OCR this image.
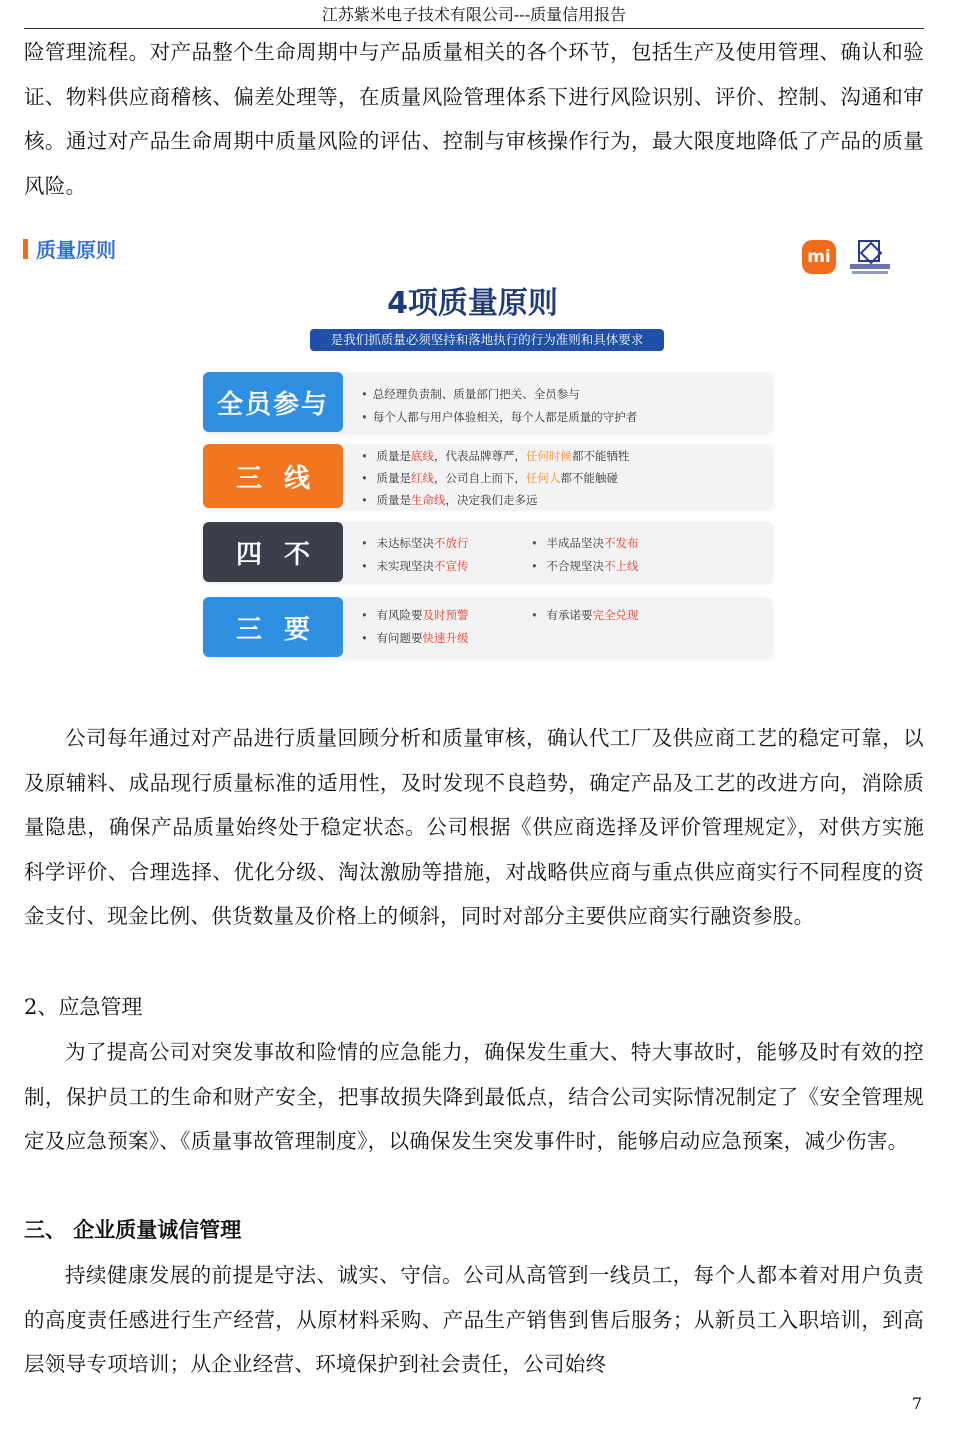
江苏紫米电子技术有限公司---质量信用报告

险管理流程。对产品整个生命周期中与产品质量相关的各个环节，包括生产及使用管理、确认和验证、物料供应商稽核、偏差处理等，在质量风险管理体系下进行风险识别、评价、控制、沟通和审核。通过对产品生命周期中质量风险的评估、控制与审核操作行为，最大限度地降低了产品的质量风险。

质量原则	mi
4项质量原则
是我们抓质量必须坚持和落地执行的行为准则和具体要求
全员参与	• 总经理负责制、质量部门把关、全员参与
• 每个人都与用户体验相关，每个人都是质量的守护者
三线
• 质量是底线，代表品牌尊严，任何时候都不能牺牲
• 质量是红线，公司自上而下，任何人都不能触碰
• 质量是生命线，决定我们走多远
四不	• 未达标坚决不放行
• 未实现坚决不宣传
• 半成品坚决不发布
• 不合规坚决不上线
三要	• 有风险要及时预警
• 有问题要快速升级
• 有承诺要完全兑现

公司每年通过对产品进行质量回顾分析和质量审核，确认代工厂及供应商工艺的稳定可靠，以及原辅料、成品现行质量标准的适用性，及时发现不良趋势，确定产品及工艺的改进方向，消除质量隐患，确保产品质量始终处于稳定状态。公司根据《供应商选择及评价管理规定》，对供方实施科学评价、合理选择、优化分级、淘汰激励等措施，对战略供应商与重点供应商实行不同程度的资金支付、现金比例、供货数量及价格上的倾斜，同时对部分主要供应商实行融资参股。

2、应急管理

为了提高公司对突发事故和险情的应急能力，确保发生重大、特大事故时，能够及时有效的控制，保护员工的生命和财产安全，把事故损失降到最低点，结合公司实际情况制定了《安全管理规定及应急预案》、《质量事故管理制度》，以确保发生突发事件时，能够启动应急预案，减少伤害。

三、 企业质量诚信管理

持续健康发展的前提是守法、诚实、守信。公司从高管到一线员工，每个人都本着对用户负责的高度责任感进行生产经营，从原材料采购、产品生产销售到售后服务；从新员工入职培训，到高层领导专项培训；从企业经营、环境保护到社会责任，公司始终

7
